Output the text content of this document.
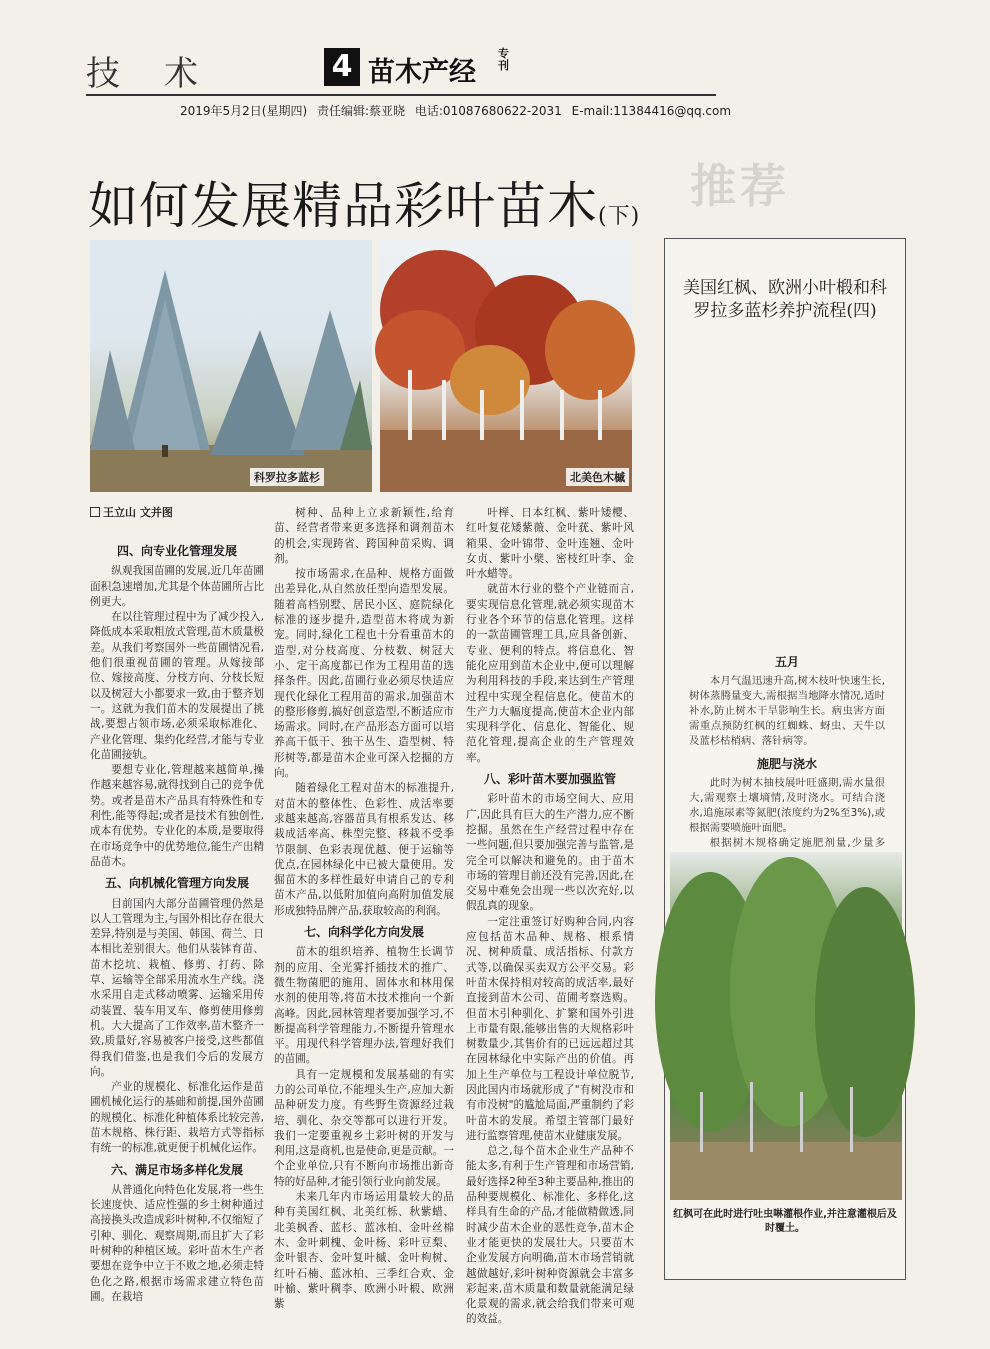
技术	4 苗木产经
专刊
2019年5月2日(星期四) 责任编辑:蔡亚晓 电话:01087680622-2031 E-mail:11384416@qq.com
推荐
如何发展精品彩叶苗木(下)
科罗拉多蓝杉	北美色木槭
王立山 文并图
四、向专业化管理发展

纵观我国苗圃的发展,近几年苗圃面积急速增加,尤其是个体苗圃所占比例更大。

在以往管理过程中为了减少投入,降低成本采取粗放式管理,苗木质量极差。从我们考察国外一些苗圃情况看,他们很重视苗圃的管理。从嫁接部位、嫁接高度、分枝方向、分枝长短以及树冠大小都要求一致,由于整齐划一。这就为我们苗木的发展提出了挑战,要想占领市场,必须采取标准化、产业化管理、集约化经营,才能与专业化苗圃接轨。

要想专业化,管理越来越简单,操作越来越容易,就得找到自己的竞争优势。或者是苗木产品具有特殊性和专利性,能等得起;或者是技术有独创性,成本有优势。专业化的本质,是要取得在市场竞争中的优势地位,能生产出精品苗木。

五、向机械化管理方向发展

目前国内大部分苗圃管理仍然是以人工管理为主,与国外相比存在很大差异,特别是与美国、韩国、荷兰、日本相比差别很大。他们从装钵育苗、苗木挖坑、栽植、修剪、打药、除草、运输等全部采用流水生产线。浇水采用自走式移动喷雾、运输采用传动装置、装车用叉车、修剪使用修剪机。大大提高了工作效率,苗木整齐一致,质量好,容易被客户接受,这些都值得我们借鉴,也是我们今后的发展方向。

产业的规模化、标准化运作是苗圃机械化运行的基础和前提,国外苗圃的规模化、标准化种植体系比较完善,苗木规格、株行距、栽培方式等指标有统一的标准,就更便于机械化运作。

六、满足市场多样化发展

从普通化向特色化发展,将一些生长速度快、适应性强的乡土树种通过高接换头改造成彩叶树种,不仅缩短了引种、驯化、观察周期,而且扩大了彩叶树种的种植区域。彩叶苗木生产者要想在竞争中立于不败之地,必须走特色化之路,根据市场需求建立特色苗圃。在栽培

树种、品种上立求新颖性,给育苗、经营者带来更多选择和调剂苗木的机会,实现跨省、跨国种苗采购、调剂。

按市场需求,在品种、规格方面做出差异化,从自然放任型向造型发展。随着高档别墅、居民小区、庭院绿化标准的逐步提升,造型苗木将成为新宠。同时,绿化工程也十分看重苗木的造型,对分枝高度、分枝数、树冠大小、定干高度都已作为工程用苗的选择条件。因此,苗圃行业必须尽快适应现代化绿化工程用苗的需求,加强苗木的整形修剪,搞好创意造型,不断适应市场需求。同时,在产品形态方面可以培养高干低干、独干丛生、造型树、特形树等,都是苗木企业可深入挖掘的方向。

随着绿化工程对苗木的标准提升,对苗木的整体性、色彩性、成活率要求越来越高,容器苗具有根系发达、移栽成活率高、株型完整、移栽不受季节限制、色彩表现优越、便于运输等优点,在园林绿化中已被大量使用。发掘苗木的多样性最好申请自己的专利苗木产品,以低附加值向高附加值发展形成独特品牌产品,获取较高的利润。

七、向科学化方向发展

苗木的组织培养、植物生长调节剂的应用、全光雾扦插技术的推广、微生物菌肥的施用、固体水和林用保水剂的使用等,将苗木技术推向一个新高峰。因此,园林管理者要加强学习,不断提高科学管理能力,不断提升管理水平。用现代科学管理办法,管理好我们的苗圃。

具有一定规模和发展基础的有实力的公司单位,不能埋头生产,应加大新品种研发力度。有些野生资源经过栽培、驯化、杂交等都可以进行开发。我们一定要重视乡土彩叶树的开发与利用,这是商机,也是使命,更是贡献。一个企业单位,只有不断向市场推出新奇特的好品种,才能引领行业向前发展。

未来几年内市场运用量较大的品种有美国红枫、北美红栎、秋紫蜡、北美枫香、蓝杉、蓝冰柏、金叶丝棉木、金叶刺槐、金叶杨、彩叶豆梨、金叶银杏、金叶复叶槭、金叶枸树、红叶石楠、蓝冰柏、三季红合欢、金叶榆、紫叶稠李、欧洲小叶椴、欧洲紫

叶榉、日本红枫、紫叶矮樱、红叶复花矮紫薇、金叶莸、紫叶风箱果、金叶锦带、金叶连翘、金叶女贞、紫叶小檗、密枝红叶李、金叶水蜡等。

就苗木行业的整个产业链而言,要实现信息化管理,就必须实现苗木行业各个环节的信息化管理。这样的一款苗圃管理工具,应具备创新、专业、便利的特点。将信息化、智能化应用到苗木企业中,便可以理解为利用科技的手段,来达到生产管理过程中实现全程信息化。使苗木的生产力大幅度提高,使苗木企业内部实现科学化、信息化、智能化、规范化管理,提高企业的生产管理效率。

八、彩叶苗木要加强监管

彩叶苗木的市场空间大、应用广,因此具有巨大的生产潜力,应不断挖掘。虽然在生产经营过程中存在一些问题,但只要加强完善与监管,是完全可以解决和避免的。由于苗木市场的管理目前还没有完善,因此,在交易中难免会出现一些以次充好,以假乱真的现象。

一定注重签订好购种合同,内容应包括苗木品种、规格、根系情况、树种质量、成活指标、付款方式等,以确保买卖双方公平交易。彩叶苗木保持相对较高的成活率,最好直接到苗木公司、苗圃考察选购。但苗木引种驯化、扩繁和国外引进上市量有限,能够出售的大规格彩叶树数量少,其售价有的已远远超过其在园林绿化中实际产出的价值。再加上生产单位与工程设计单位脱节,因此国内市场就形成了"有树没市和有市没树"的尴尬局面,严重制约了彩叶苗木的发展。希望主管部门最好进行监察管理,使苗木业健康发展。

总之,每个苗木企业生产品种不能太多,有利于生产管理和市场营销,最好选择2种至3种主要品种,推出的品种要规模化、标准化、多样化,这样具有生命的产品,才能做精做透,同时减少苗木企业的恶性竞争,苗木企业才能更快的发展壮大。只要苗木企业发展方向明确,苗木市场营销就越做越好,彩叶树种资源就会丰富多彩起来,苗木质量和数量就能满足绿化景观的需求,就会给我们带来可观的效益。

美国红枫、欧洲小叶椴和科罗拉多蓝杉养护流程(四)
五月

本月气温迅速升高,树木枝叶快速生长,树体蒸腾量变大,需根据当地降水情况,适时补水,防止树木干旱影响生长。病虫害方面需重点预防红枫的红蜘蛛、蚜虫、天牛以及蓝杉枯梢病、落针病等。

施肥与浇水

此时为树木抽枝展叶旺盛期,需水量很大,需观察土壤墒情,及时浇水。可结合浇水,追施尿素等氮肥(浓度约为2%至3%),或根据需要喷施叶面肥。

根据树木规格确定施肥剂量,少量多

红枫可在此时进行吐虫啉灌根作业,并注意灌根后及时覆土。
